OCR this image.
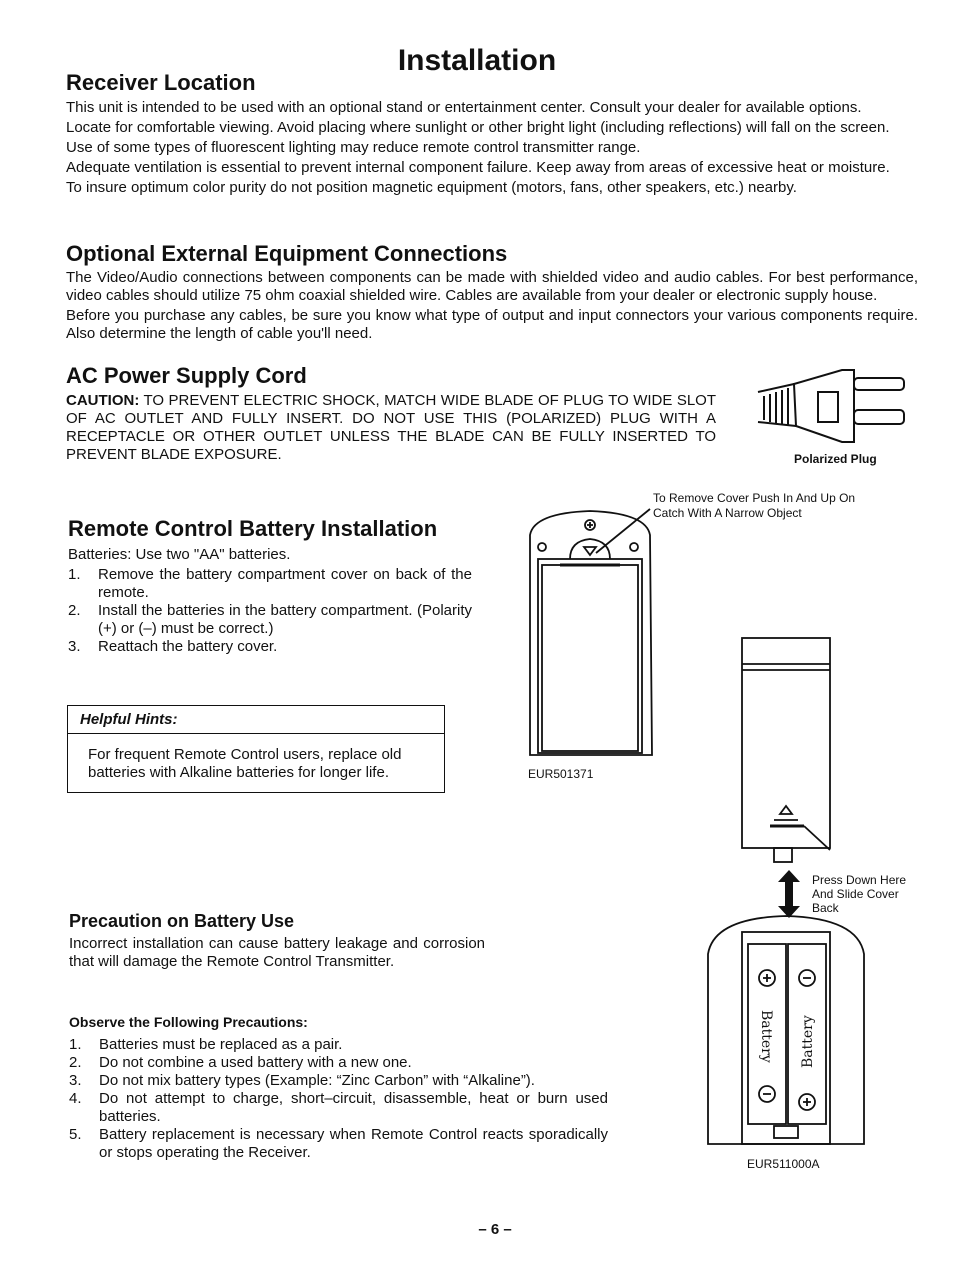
Installation
Receiver Location

This unit is intended to be used with an optional stand or entertainment center. Consult your dealer for available options.

Locate for comfortable viewing. Avoid placing where sunlight or other bright light (including reflections) will fall on the screen.

Use of some types of fluorescent lighting may reduce remote control transmitter range.

Adequate ventilation is essential to prevent internal component failure. Keep away from areas of excessive heat or moisture.

To insure optimum color purity do not position magnetic equipment (motors, fans, other speakers, etc.) nearby.

Optional External Equipment Connections

The Video/Audio connections between components can be made with shielded video and audio cables. For best performance, video cables should utilize 75 ohm coaxial shielded wire. Cables are available from your dealer or electronic supply house.

Before you purchase any cables, be sure you know what type of output and input connectors your various components require. Also determine the length of cable you'll need.

AC Power Supply Cord
CAUTION: TO PREVENT ELECTRIC SHOCK, MATCH WIDE BLADE OF PLUG TO WIDE SLOT OF AC OUTLET AND FULLY INSERT. DO NOT USE THIS (POLARIZED) PLUG WITH A RECEPTACLE OR OTHER OUTLET UNLESS THE BLADE CAN BE FULLY INSERTED TO PREVENT BLADE EXPOSURE.	Polarized Plug
Remote Control Battery Installation

Batteries: Use two "AA" batteries.

1. Remove the battery compartment cover on back of the remote.
2. Install the batteries in the battery compartment. (Polarity (+) or (–) must be correct.)
3. Reattach the battery cover.
Helpful Hints:
For frequent Remote Control users, replace old batteries with Alkaline batteries for longer life.
To Remove Cover Push In And Up On Catch With A Narrow Object
EUR501371
Press Down Here And Slide Cover Back
Battery Battery
EUR511000A
Precaution on Battery Use

Incorrect installation can cause battery leakage and corrosion that will damage the Remote Control Transmitter.

Observe the Following Precautions:
1. Batteries must be replaced as a pair.
2. Do not combine a used battery with a new one.
3. Do not mix battery types (Example: “Zinc Carbon” with “Alkaline”).
4. Do not attempt to charge, short–circuit, disassemble, heat or burn used batteries.
5. Battery replacement is necessary when Remote Control reacts sporadically or stops operating the Receiver.
– 6 –
